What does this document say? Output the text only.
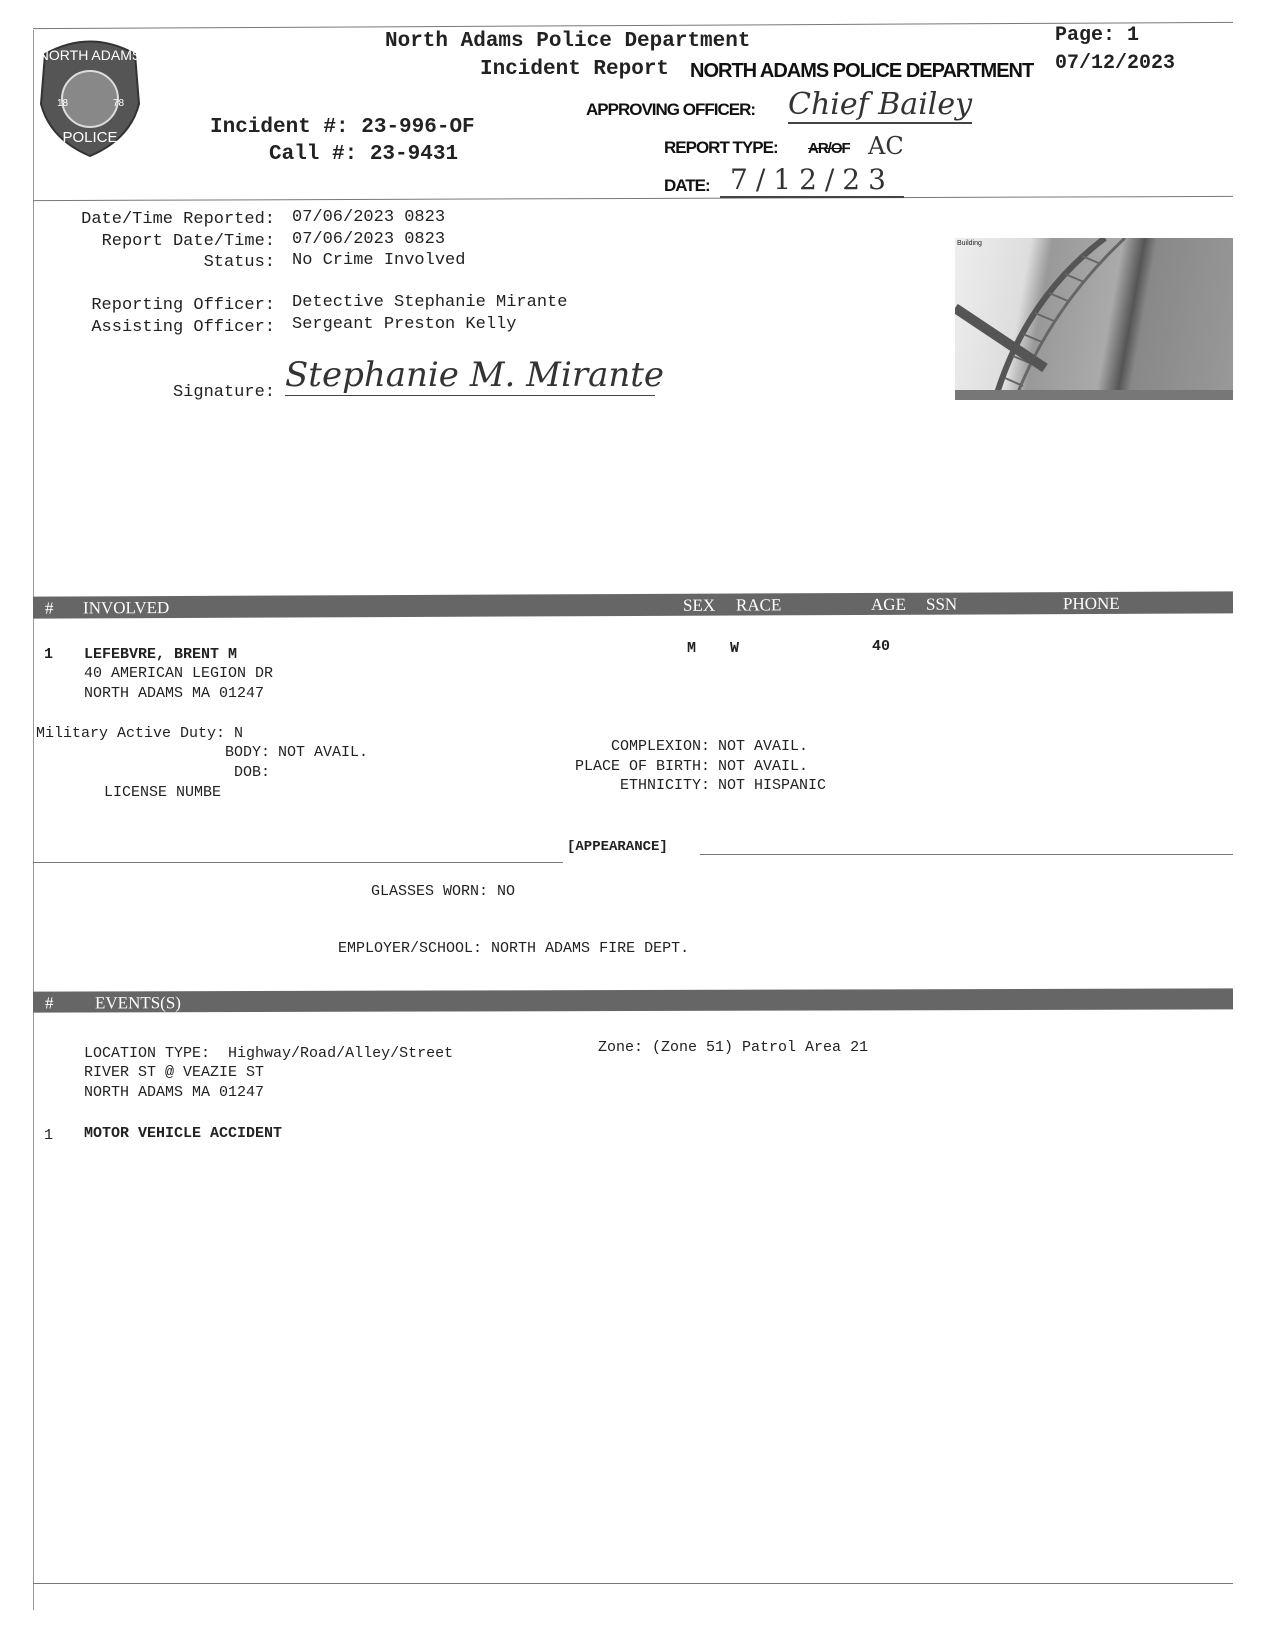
NORTH ADAMS
POLICE
18	78
North Adams Police Department
Incident Report
Page: 1
07/12/2023
Incident #: 23-996-OF
Call #: 23-9431
NORTH ADAMS POLICE DEPARTMENT
APPROVING OFFICER: Chief Bailey
REPORT TYPE: AR/OF AC
DATE: 7/12/23
Date/Time Reported: 07/06/2023 0823
Report Date/Time: 07/06/2023 0823
Status: No Crime Involved
Reporting Officer: Detective Stephanie Mirante
Assisting Officer: Sergeant Preston Kelly
Signature: Stephanie M. Mirante
Building
# INVOLVED	SEX RACE	AGE SSN	PHONE
1 LEFEBVRE, BRENT M
40 AMERICAN LEGION DR
NORTH ADAMS MA 01247
M W	40
Military Active Duty: N
BODY: NOT AVAIL.
DOB:
LICENSE NUMBE
COMPLEXION: NOT AVAIL.
PLACE OF BIRTH: NOT AVAIL.
ETHNICITY: NOT HISPANIC
[APPEARANCE]
GLASSES WORN: NO
EMPLOYER/SCHOOL: NORTH ADAMS FIRE DEPT.
# EVENTS(S)
LOCATION TYPE: Highway/Road/Alley/Street	Zone: (Zone 51) Patrol Area 21
RIVER ST @ VEAZIE ST
NORTH ADAMS MA 01247
1 MOTOR VEHICLE ACCIDENT
